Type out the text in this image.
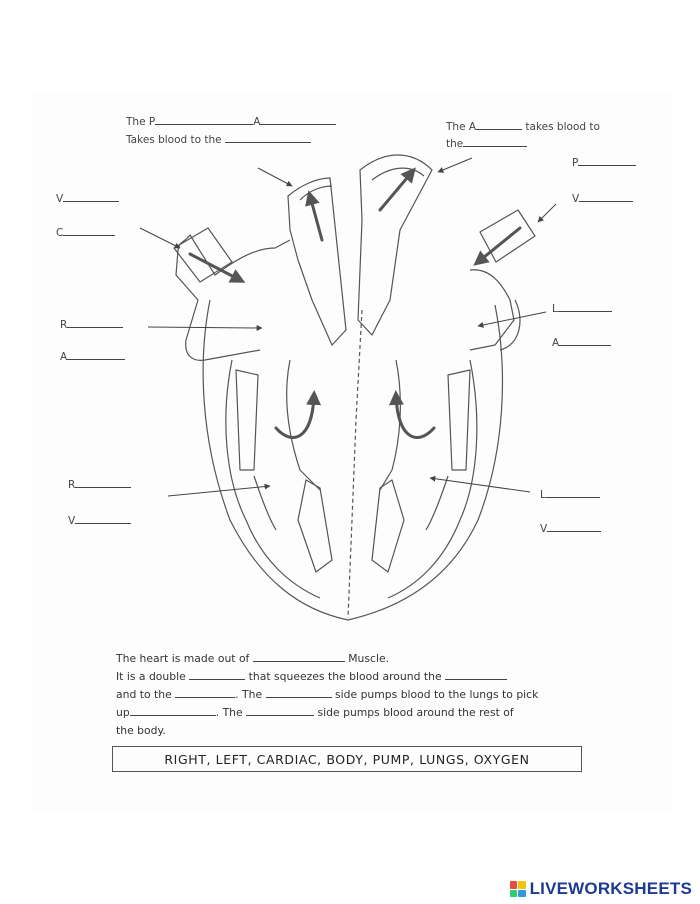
The P	A
Takes blood to the
The A	takes blood to
the
V
C
R
A
R
V
P
V
L
A
L
V
The heart is made out of	Muscle.
It is a double	that squeezes the blood around the
and to the	. The	side pumps blood to the lungs to pick
up	. The	side pumps blood around the rest of
the body.
RIGHT, LEFT, CARDIAC, BODY, PUMP, LUNGS, OXYGEN
LIVEWORKSHEETS
